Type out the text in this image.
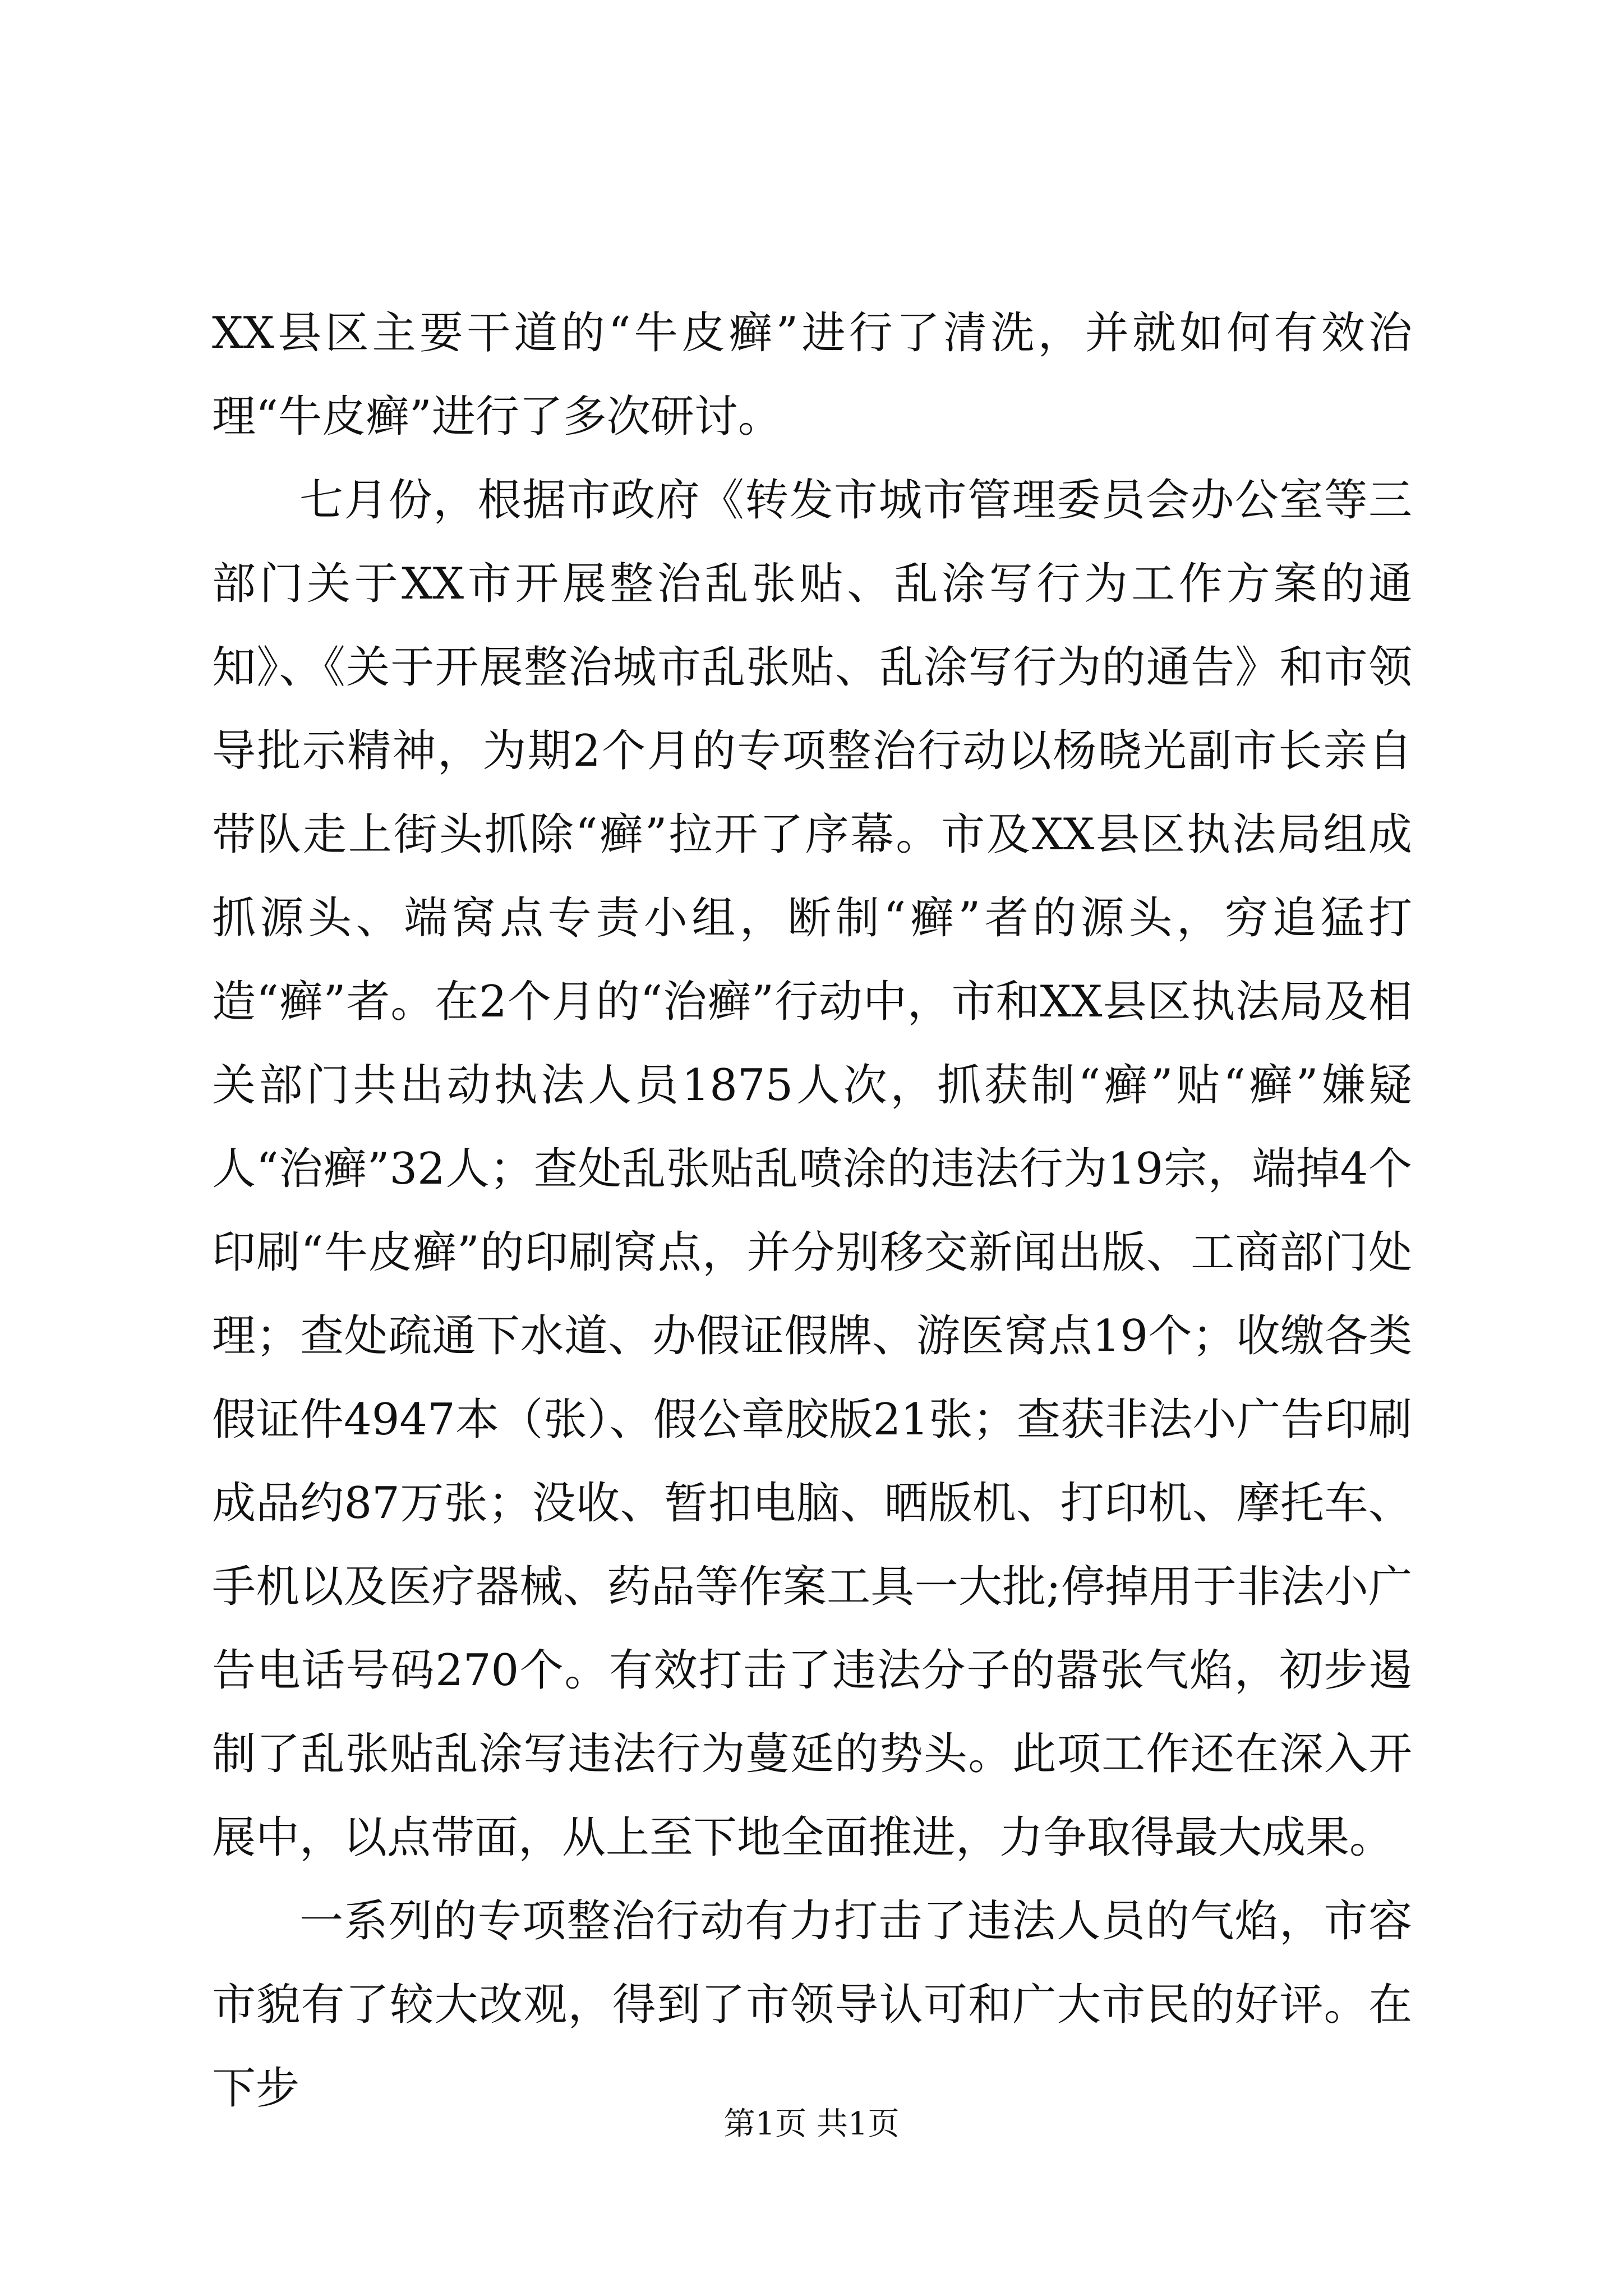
XX县区主要干道的“牛皮癣”进行了清洗，并就如何有效治理“牛皮癣”进行了多次研讨。

七月份，根据市政府《转发市城市管理委员会办公室等三部门关于XX市开展整治乱张贴、乱涂写行为工作方案的通知》、《关于开展整治城市乱张贴、乱涂写行为的通告》和市领导批示精神，为期2个月的专项整治行动以杨晓光副市长亲自带队走上街头抓除“癣”拉开了序幕。市及XX县区执法局组成抓源头、端窝点专责小组，断制“癣”者的源头，穷追猛打造“癣”者。在2个月的“治癣”行动中，市和XX县区执法局及相关部门共出动执法人员1875人次，抓获制“癣”贴“癣”嫌疑人“治癣”32人；查处乱张贴乱喷涂的违法行为19宗，端掉4个印刷“牛皮癣”的印刷窝点，并分别移交新闻出版、工商部门处理；查处疏通下水道、办假证假牌、游医窝点19个；收缴各类假证件4947本（张）、假公章胶版21张；查获非法小广告印刷成品约87万张；没收、暂扣电脑、晒版机、打印机、摩托车、手机以及医疗器械、药品等作案工具一大批;停掉用于非法小广告电话号码270个。有效打击了违法分子的嚣张气焰，初步遏制了乱张贴乱涂写违法行为蔓延的势头。此项工作还在深入开展中，以点带面，从上至下地全面推进，力争取得最大成果。

一系列的专项整治行动有力打击了违法人员的气焰，市容市貌有了较大改观，得到了市领导认可和广大市民的好评。在下步

第1页 共1页
